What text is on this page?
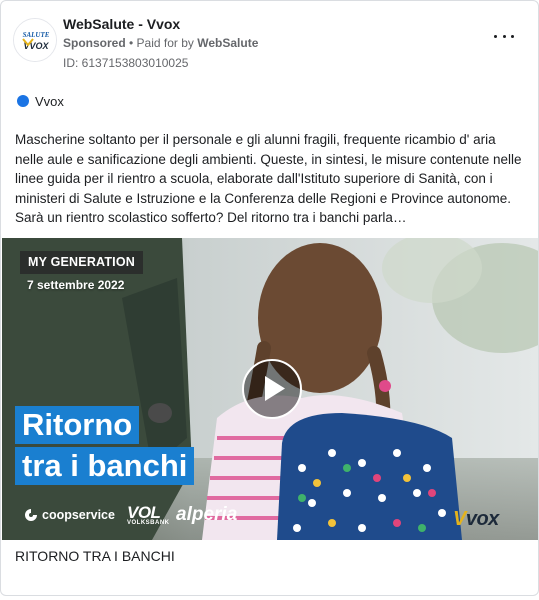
SALUTE
VVOX
WebSalute - Vvox
Sponsored • Paid for by WebSalute
ID: 6137153803010025
Vvox
Mascherine soltanto per il personale e gli alunni fragili, frequente ricambio d' aria nelle aule e sanificazione degli ambienti. Queste, in sintesi, le misure contenute nelle linee guida per il rientro a scuola, elaborate dall'Istituto superiore di Sanità, con i ministeri di Salute e Istruzione e la Conferenza delle Regioni e Province autonome. Sarà un rientro scolastico sofferto? Del ritorno tra i banchi parla…
MY GENERATION
7 settembre 2022
Ritorno
tra i banchi
coopservice VOL
VOLKSBANK alperia	Vvox
RITORNO TRA I BANCHI
